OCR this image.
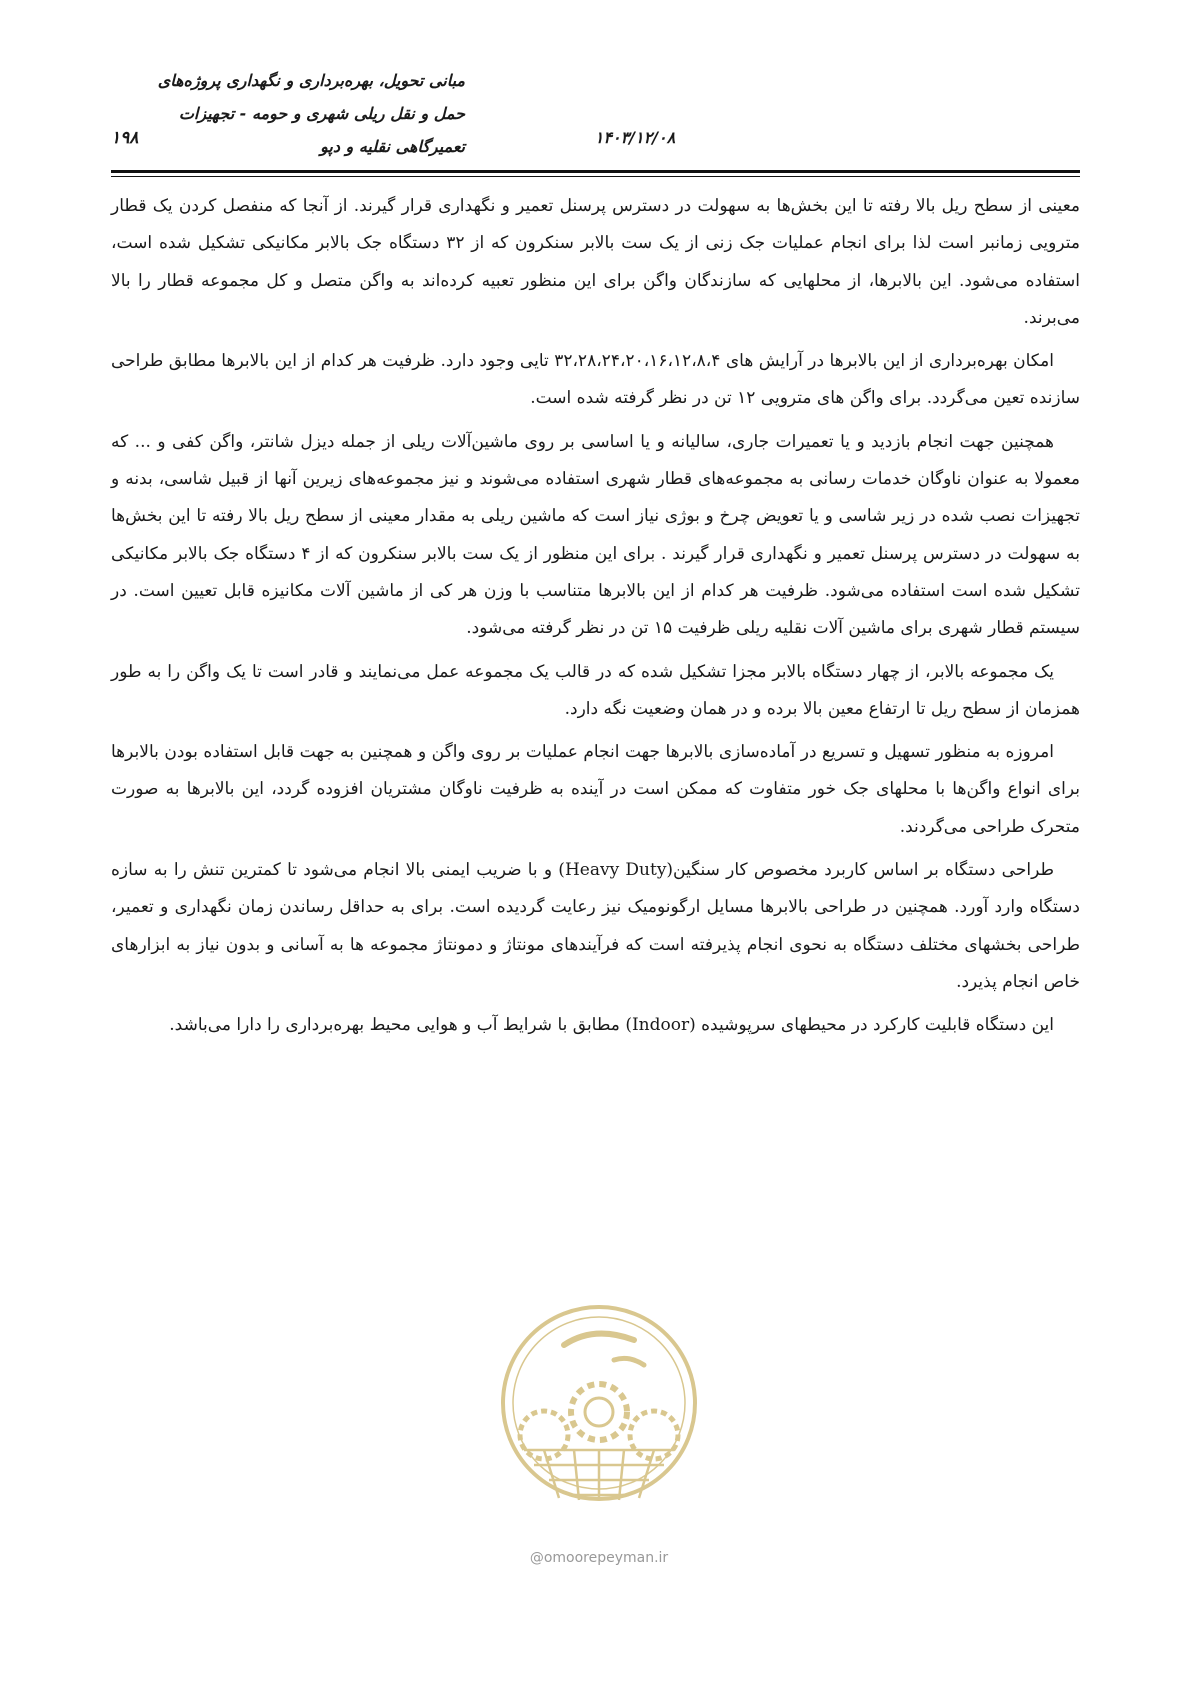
۱۹۸	۱۴۰۳/۱۲/۰۸
مبانی تحویل، بهره‌برداری و نگهداری پروژه‌های
حمل و نقل ریلی شهری و حومه - تجهیزات
تعمیرگاهی نقلیه و دپو

معینی از سطح ریل بالا رفته تا این بخش‌ها به سهولت در دسترس پرسنل تعمیر و نگهداری قرار گیرند. از آنجا که منفصل کردن یک قطار مترویی زمانبر است لذا برای انجام عملیات جک زنی از یک ست بالابر سنکرون که از ۳۲ دستگاه جک بالابر مکانیکی تشکیل شده است، استفاده می‌شود. این بالابرها، از محلهایی که سازندگان واگن برای این منظور تعبیه کرده‌اند به واگن متصل و کل مجموعه قطار را بالا می‌برند.

امکان بهره‌برداری از این بالابرها در آرایش های ۳۲،۲۸،۲۴،۲۰،۱۶،۱۲،۸،۴ تایی وجود دارد. ظرفیت هر کدام از این بالابرها مطابق طراحی سازنده تعین می‌گردد. برای واگن های مترویی ۱۲ تن در نظر گرفته شده است.

همچنین جهت انجام بازدید و یا تعمیرات جاری، سالیانه و یا اساسی بر روی ماشین‌آلات ریلی از جمله دیزل شانتر، واگن کفی و ... که معمولا به عنوان ناوگان خدمات رسانی به مجموعه‌های قطار شهری استفاده می‌شوند و نیز مجموعه‌های زیرین آنها از قبیل شاسی، بدنه و تجهیزات نصب شده در زیر شاسی و یا تعویض چرخ و بوژی نیاز است که ماشین ریلی به مقدار معینی از سطح ریل بالا رفته تا این بخش‌ها به سهولت در دسترس پرسنل تعمیر و نگهداری قرار گیرند . برای این منظور از یک ست بالابر سنکرون که از ۴ دستگاه جک بالابر مکانیکی تشکیل شده است استفاده می‌شود. ظرفیت هر کدام از این بالابرها متناسب با وزن هر کی از ماشین آلات مکانیزه قابل تعیین است. در سیستم قطار شهری برای ماشین آلات نقلیه ریلی ظرفیت ۱۵ تن در نظر گرفته می‌شود.

یک مجموعه بالابر، از چهار دستگاه بالابر مجزا تشکیل شده که در قالب یک مجموعه عمل می‌نمایند و قادر است تا یک واگن را به طور همزمان از سطح ریل تا ارتفاع معین بالا برده و در همان وضعیت نگه دارد.

امروزه به منظور تسهیل و تسریع در آماده‌سازی بالابرها جهت انجام عملیات بر روی واگن و همچنین به جهت قابل استفاده بودن بالابرها برای انواع واگن‌ها با محلهای جک خور متفاوت که ممکن است در آینده به ظرفیت ناوگان مشتریان افزوده گردد، این بالابرها به صورت متحرک طراحی می‌گردند.

طراحی دستگاه بر اساس کاربرد مخصوص کار سنگین(Heavy Duty) و با ضریب ایمنی بالا انجام می‌شود تا کمترین تنش را به سازه دستگاه وارد آورد. همچنین در طراحی بالابرها مسایل ارگونومیک نیز رعایت گردیده است. برای به حداقل رساندن زمان نگهداری و تعمیر، طراحی بخشهای مختلف دستگاه به نحوی انجام پذیرفته است که فرآیندهای مونتاژ و دمونتاژ مجموعه ها به آسانی و بدون نیاز به ابزارهای خاص انجام پذیرد.

این دستگاه قابلیت کارکرد در محیطهای سرپوشیده (Indoor) مطابق با شرایط آب و هوایی محیط بهره‌برداری را دارا می‌باشد.

@omoorepeyman.ir
